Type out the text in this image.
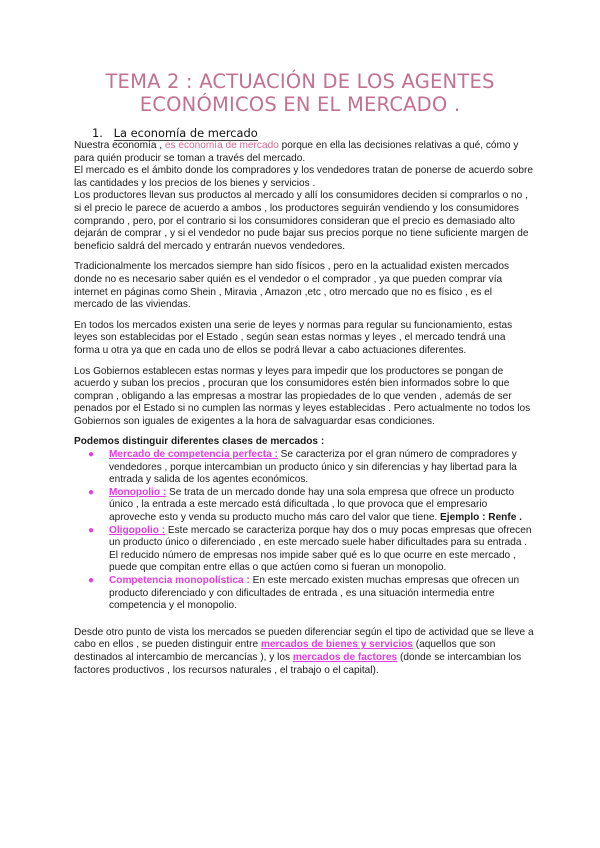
TEMA 2 : ACTUACIÓN DE LOS AGENTES
ECONÓMICOS EN EL MERCADO .
1. La economía de mercado

Nuestra economía , es economía de mercado porque en ella las decisiones relativas a qué, cómo y para quién producir se toman a través del mercado.

El mercado es el ámbito donde los compradores y los vendedores tratan de ponerse de acuerdo sobre las cantidades y los precios de los bienes y servicios .

Los productores llevan sus productos al mercado y allí los consumidores deciden si comprarlos o no , si el precio le parece de acuerdo a ambos , los productores seguirán vendiendo y los consumidores comprando , pero, por el contrario si los consumidores consideran que el precio es demasiado alto dejarán de comprar , y si el vendedor no pude bajar sus precios porque no tiene suficiente margen de beneficio saldrá del mercado y entrarán nuevos vendedores.

Tradicionalmente los mercados siempre han sido físicos , pero en la actualidad existen mercados donde no es necesario saber quién es el vendedor o el comprador , ya que pueden comprar vía internet en páginas como Shein , Miravia , Amazon ,etc , otro mercado que no es físico , es el mercado de las viviendas.

En todos los mercados existen una serie de leyes y normas para regular su funcionamiento, estas leyes son establecidas por el Estado , según sean estas normas y leyes , el mercado tendrá una forma u otra ya que en cada uno de ellos se podrá llevar a cabo actuaciones diferentes.

Los Gobiernos establecen estas normas y leyes para impedir que los productores se pongan de acuerdo y suban los precios , procuran que los consumidores estén bien informados sobre lo que compran , obligando a las empresas a mostrar las propiedades de lo que venden , además de ser penados por el Estado si no cumplen las normas y leyes establecidas . Pero actualmente no todos los Gobiernos son iguales de exigentes a la hora de salvaguardar esas condiciones.

Podemos distinguir diferentes clases de mercados :
● Mercado de competencia perfecta : Se caracteriza por el gran número de compradores y vendedores , porque intercambian un producto único y sin diferencias y hay libertad para la entrada y salida de los agentes económicos.
● Monopolio : Se trata de un mercado donde hay una sola empresa que ofrece un producto único , la entrada a este mercado está dificultada , lo que provoca que el empresario aproveche esto y venda su producto mucho más caro del valor que tiene. Ejemplo : Renfe .
● Oligopolio : Este mercado se caracteriza porque hay dos o muy pocas empresas que ofrecen un producto único o diferenciado , en este mercado suele haber dificultades para su entrada . El reducido número de empresas nos impide saber qué es lo que ocurre en este mercado , puede que compitan entre ellas o que actúen como si fueran un monopolio.
● Competencia monopolística : En este mercado existen muchas empresas que ofrecen un producto diferenciado y con dificultades de entrada , es una situación intermedia entre competencia y el monopolio.

Desde otro punto de vista los mercados se pueden diferenciar según el tipo de actividad que se lleve a cabo en ellos , se pueden distinguir entre mercados de bienes y servicios (aquellos que son destinados al intercambio de mercancías ), y los mercados de factores (donde se intercambian los factores productivos , los recursos naturales , el trabajo o el capital).
